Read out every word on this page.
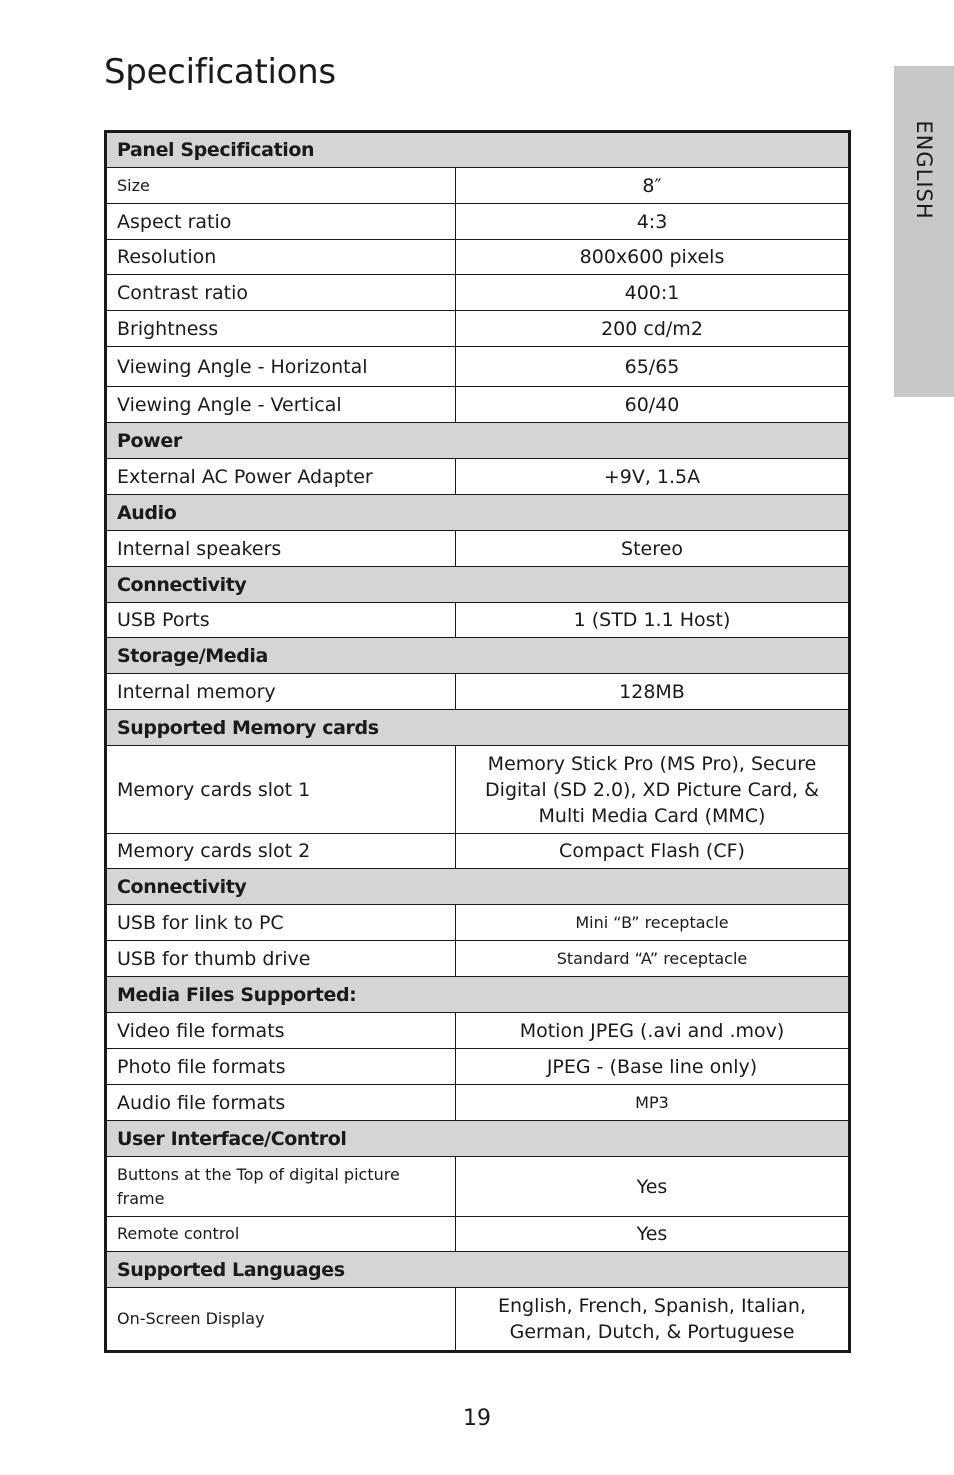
Specifications
ENGLISH
Panel Specification	
Size	8″
Aspect ratio	4:3
Resolution	800x600 pixels
Contrast ratio	400:1
Brightness	200 cd/m2
Viewing Angle - Horizontal	65/65
Viewing Angle - Vertical	60/40
Power	
External AC Power Adapter	+9V, 1.5A
Audio	
Internal speakers	Stereo
Connectivity	
USB Ports	1 (STD 1.1 Host)
Storage/Media	
Internal memory	128MB
Supported Memory cards	
Memory cards slot 1	Memory Stick Pro (MS Pro), Secure Digital (SD 2.0), XD Picture Card, & Multi Media Card (MMC)
Memory cards slot 2	Compact Flash (CF)
Connectivity	
USB for link to PC	Mini “B” receptacle
USB for thumb drive	Standard “A” receptacle
Media Files Supported:	
Video file formats	Motion JPEG (.avi and .mov)
Photo file formats	JPEG - (Base line only)
Audio file formats	MP3
User Interface/Control	
Buttons at the Top of digital picture frame	Yes
Remote control	Yes
Supported Languages	
On-Screen Display	English, French, Spanish, Italian, German, Dutch, & Portuguese
19
